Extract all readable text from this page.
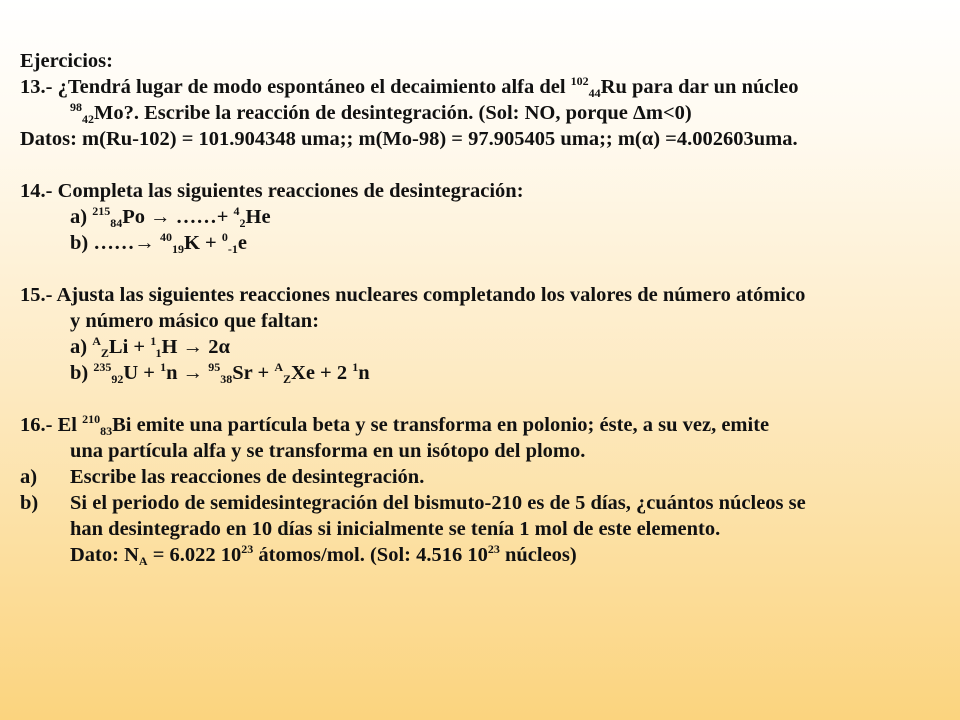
Ejercicios:
13.- ¿Tendrá lugar de modo espontáneo el decaimiento alfa del $^{102}_{44}$Ru para dar un núcleo
$^{98}_{42}$Mo?. Escribe la reacción de desintegración. (Sol: NO, porque Δm<0)
Datos: m(Ru-102) = 101.904348 uma;; m(Mo-98) = 97.905405 uma;; m(α) =4.002603uma.
14.- Completa las siguientes reacciones de desintegración:
a) $^{215}_{84}$Po → ……+ $^4_2$He
b) ……→ $^{40}_{19}$K + $^0_{-1}$e
15.- Ajusta las siguientes reacciones nucleares completando los valores de número atómico
y número másico que faltan:
a) $^A_Z$Li + $^1_1$H → 2α
b) $^{235}_{92}$U + $^1$n → $^{95}_{38}$Sr + $^A_Z$Xe + 2 $^1$n
16.- El $^{210}_{83}$Bi emite una partícula beta y se transforma en polonio; éste, a su vez, emite
una partícula alfa y se transforma en un isótopo del plomo.
a) Escribe las reacciones de desintegración.
b) Si el periodo de semidesintegración del bismuto-210 es de 5 días, ¿cuántos núcleos se
han desintegrado en 10 días si inicialmente se tenía 1 mol de este elemento.
Dato: $N_A = 6.022$ $10^{23}$ átomos/mol. (Sol: 4.516 $10^{23}$ núcleos)
